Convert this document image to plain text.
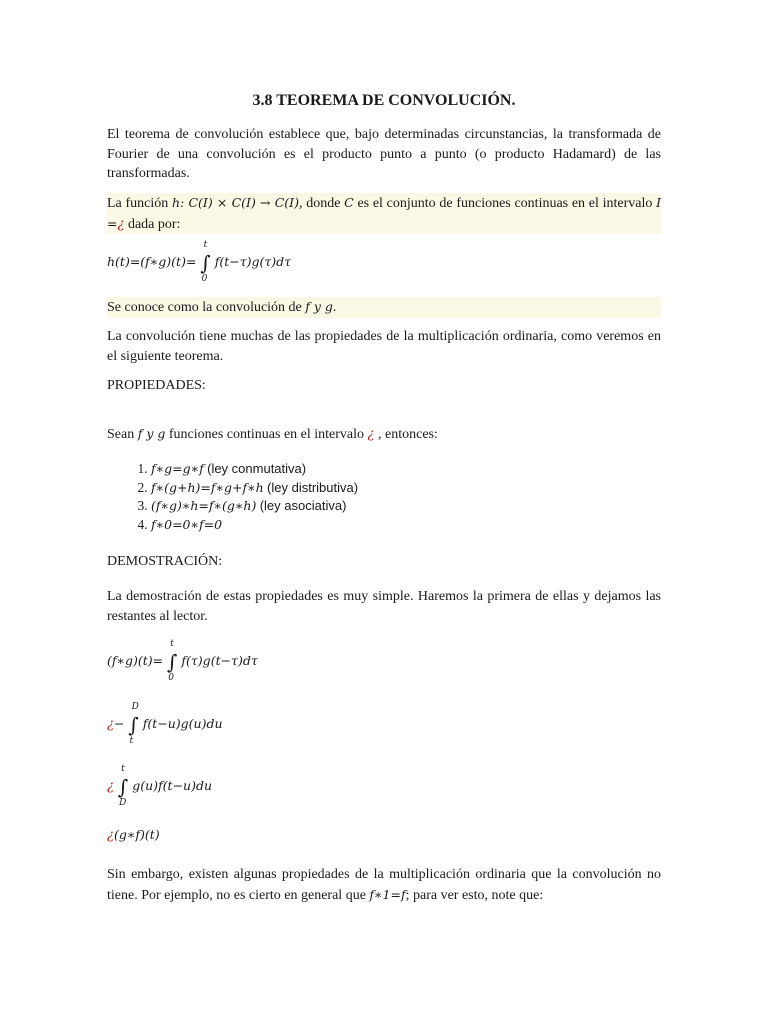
3.8 TEOREMA DE CONVOLUCIÓN.
El teorema de convolución establece que, bajo determinadas circunstancias, la transformada de Fourier de una convolución es el producto punto a punto (o producto Hadamard) de las transformadas.
La función h: C(I) × C(I) → C(I), donde C es el conjunto de funciones continuas en el intervalo I =¿ dada por:
h(t)=(f∗g)(t)= ∫
t
0
f(t−τ)g(τ)dτ
Se conoce como la convolución de f y g.
La convolución tiene muchas de las propiedades de la multiplicación ordinaria, como veremos en el siguiente teorema.
PROPIEDADES:
Sean f y g funciones continuas en el intervalo ¿ , entonces:
1. f∗g=g∗f (ley conmutativa)
2. f∗(g+h)=f∗g+f∗h (ley distributiva)
3. (f∗g)∗h=f∗(g∗h) (ley asociativa)
4. f∗0=0∗f=0
DEMOSTRACIÓN:
La demostración de estas propiedades es muy simple. Haremos la primera de ellas y dejamos las restantes al lector.
(f∗g)(t)= ∫
t
0
f(τ)g(t−τ)dτ
¿− ∫
D
t
f(t−u)g(u)du
¿ ∫
t
D
g(u)f(t−u)du
¿(g∗f)(t)
Sin embargo, existen algunas propiedades de la multiplicación ordinaria que la convolución no tiene. Por ejemplo, no es cierto en general que f∗1=f; para ver esto, note que:
